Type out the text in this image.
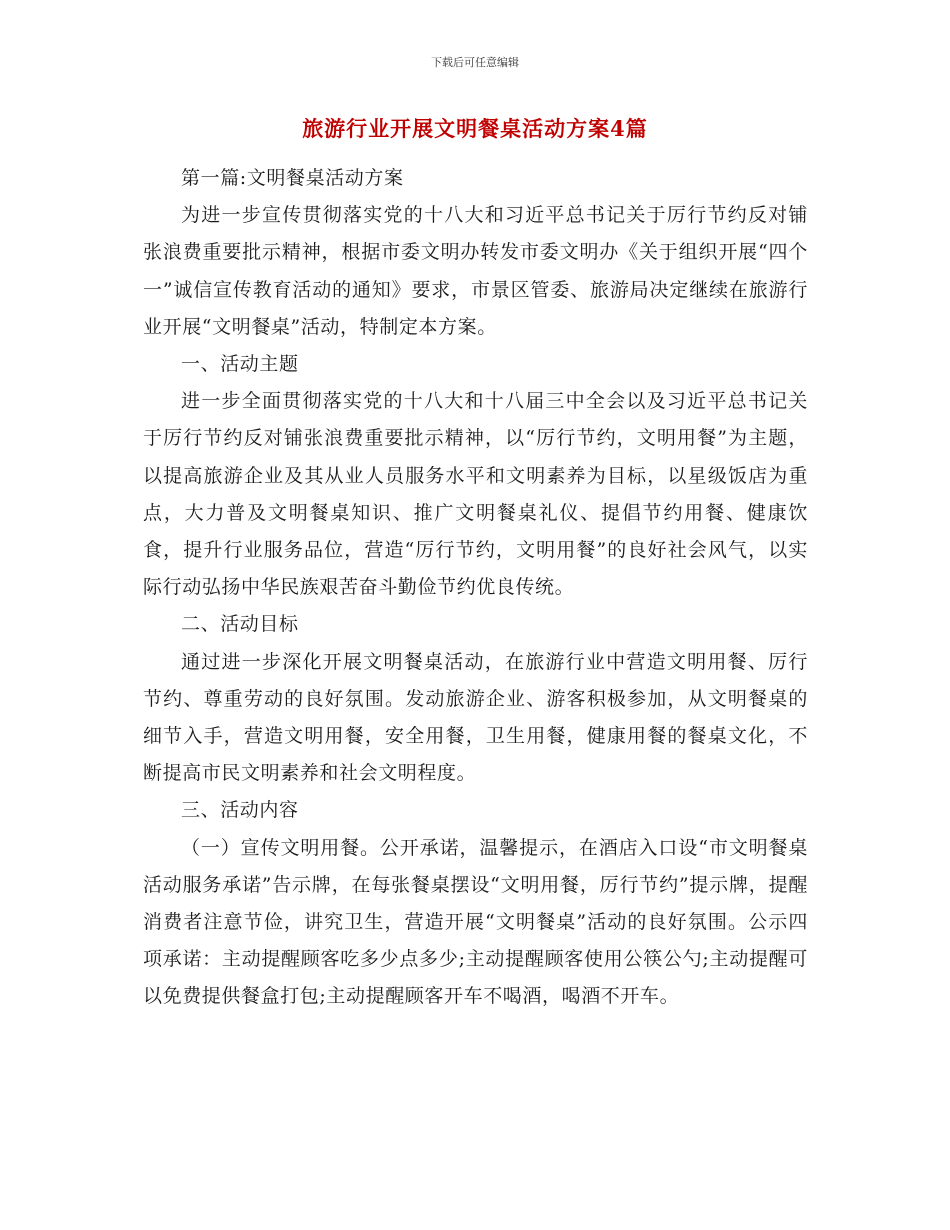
下载后可任意编辑
旅游行业开展文明餐桌活动方案4篇

第一篇:文明餐桌活动方案

为进一步宣传贯彻落实党的十八大和习近平总书记关于厉行节约反对铺张浪费重要批示精神，根据市委文明办转发市委文明办《关于组织开展“四个一”诚信宣传教育活动的通知》要求，市景区管委、旅游局决定继续在旅游行业开展“文明餐桌”活动，特制定本方案。

一、活动主题

进一步全面贯彻落实党的十八大和十八届三中全会以及习近平总书记关于厉行节约反对铺张浪费重要批示精神，以“厉行节约，文明用餐”为主题，以提高旅游企业及其从业人员服务水平和文明素养为目标，以星级饭店为重点，大力普及文明餐桌知识、推广文明餐桌礼仪、提倡节约用餐、健康饮食，提升行业服务品位，营造“厉行节约，文明用餐”的良好社会风气，以实际行动弘扬中华民族艰苦奋斗勤俭节约优良传统。

二、活动目标

通过进一步深化开展文明餐桌活动，在旅游行业中营造文明用餐、厉行节约、尊重劳动的良好氛围。发动旅游企业、游客积极参加，从文明餐桌的细节入手，营造文明用餐，安全用餐，卫生用餐，健康用餐的餐桌文化，不断提高市民文明素养和社会文明程度。

三、活动内容

（一）宣传文明用餐。公开承诺，温馨提示，在酒店入口设“市文明餐桌活动服务承诺”告示牌，在每张餐桌摆设“文明用餐，厉行节约”提示牌，提醒消费者注意节俭，讲究卫生，营造开展“文明餐桌”活动的良好氛围。公示四项承诺：主动提醒顾客吃多少点多少;主动提醒顾客使用公筷公勺;主动提醒可以免费提供餐盒打包;主动提醒顾客开车不喝酒，喝酒不开车。
